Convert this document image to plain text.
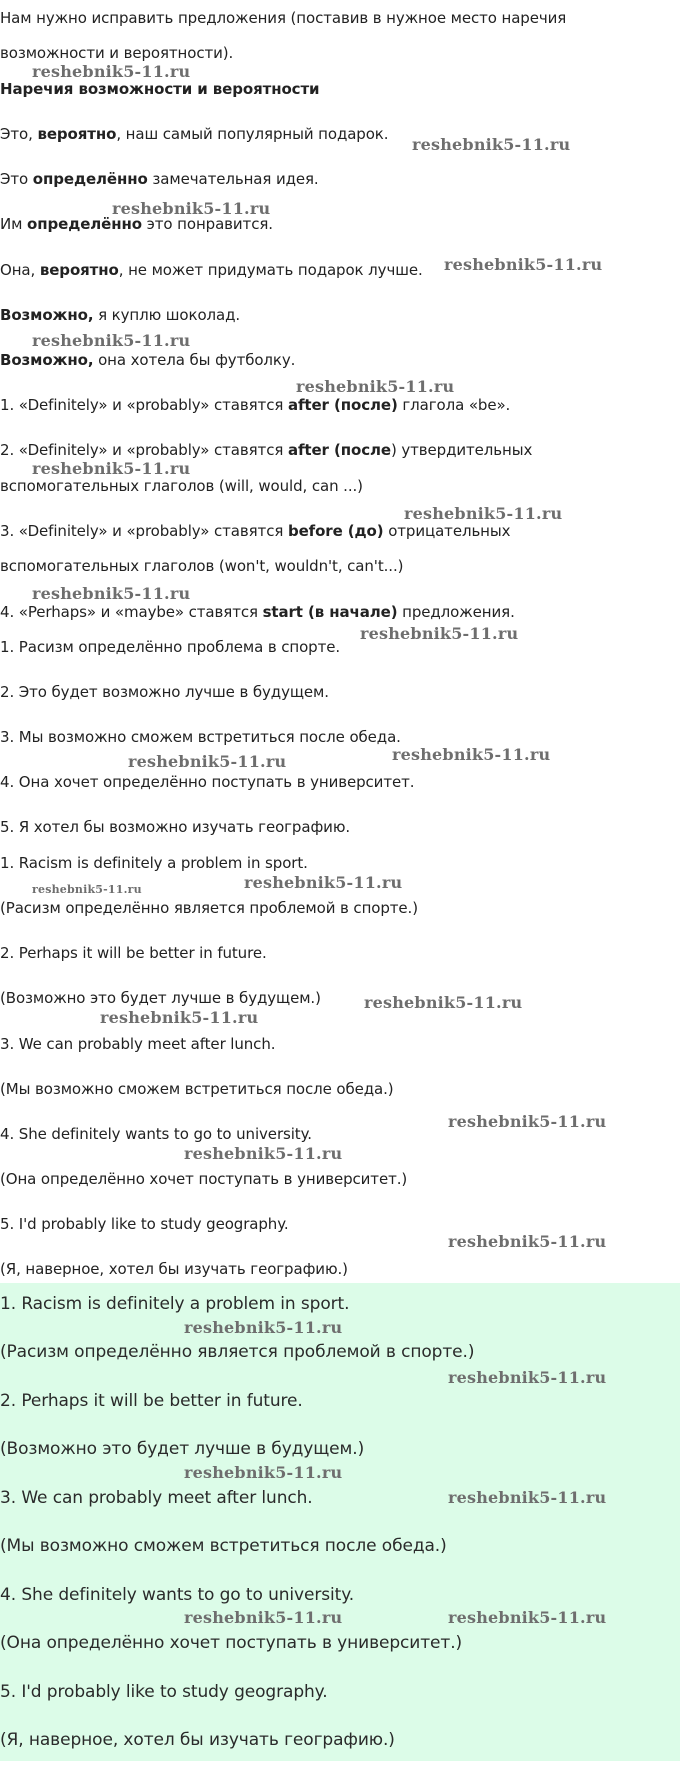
Нам нужно исправить предложения (поставив в нужное место наречия
возможности и вероятности).
Наречия возможности и вероятности
Это, вероятно, наш самый популярный подарок.
Это определённо замечательная идея.
Им определённо это понравится.
Она, вероятно, не может придумать подарок лучше.
Возможно, я куплю шоколад.
Возможно, она хотела бы футболку.
1. «Definitely» и «probably» ставятся after (после) глагола «be».
2. «Definitely» и «probably» ставятся after (после) утвердительных
вспомогательных глаголов (will, would, can ...)
3. «Definitely» и «probably» ставятся before (до) отрицательных
вспомогательных глаголов (won't, wouldn't, can't...)
4. «Perhaps» и «maybe» ставятся start (в начале) предложения.
1. Расизм определённо проблема в спорте.
2. Это будет возможно лучше в будущем.
3. Мы возможно сможем встретиться после обеда.
4. Она хочет определённо поступать в университет.
5. Я хотел бы возможно изучать географию.
1. Racism is definitely a problem in sport.
(Расизм определённо является проблемой в спорте.)
2. Perhaps it will be better in future.
(Возможно это будет лучше в будущем.)
3. We can probably meet after lunch.
(Мы возможно сможем встретиться после обеда.)
4. She definitely wants to go to university.
(Она определённо хочет поступать в университет.)
5. I'd probably like to study geography.
(Я, наверное, хотел бы изучать географию.)
1. Racism is definitely a problem in sport.
(Расизм определённо является проблемой в спорте.)
2. Perhaps it will be better in future.
(Возможно это будет лучше в будущем.)
3. We can probably meet after lunch.
(Мы возможно сможем встретиться после обеда.)
4. She definitely wants to go to university.
(Она определённо хочет поступать в университет.)
5. I'd probably like to study geography.
(Я, наверное, хотел бы изучать географию.)
reshebnik5-11.ru
reshebnik5-11.ru
reshebnik5-11.ru
reshebnik5-11.ru
reshebnik5-11.ru
reshebnik5-11.ru
reshebnik5-11.ru
reshebnik5-11.ru
reshebnik5-11.ru
reshebnik5-11.ru
reshebnik5-11.ru
reshebnik5-11.ru
reshebnik5-11.ru
reshebnik5-11.ru
reshebnik5-11.ru
reshebnik5-11.ru
reshebnik5-11.ru
reshebnik5-11.ru
reshebnik5-11.ru
reshebnik5-11.ru
reshebnik5-11.ru
reshebnik5-11.ru
reshebnik5-11.ru
reshebnik5-11.ru	reshebnik5-11.ru
